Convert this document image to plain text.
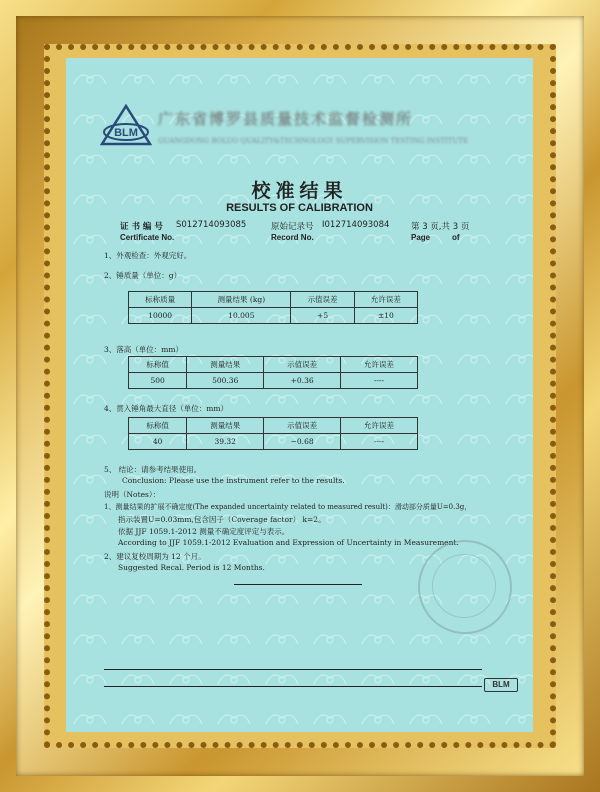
BLM
广东省博罗县质量技术监督检测所
GUANGDONG BOLUO QUALITY&TECHNOLOGY SUPERVISION TESTING INSTITUTE
校准结果
RESULTS OF CALIBRATION
证 书 编 号 S012714093085	原始记录号 I012714093084	第 3 页,共 3 页
Certificate No.	Record No.	Page	of
1、外观检查：外观完好。
2、锤质量（单位：g）
标称质量	测量结果 (kg)	示值误差	允许误差
10000	10.005	+5	±10
3、落高（单位：mm）
标称值	测量结果	示值误差	允许误差
500	500.36	+0.36	----
4、贯入锤角最大直径（单位：mm）
标称值	测量结果	示值误差	允许误差
40	39.32	−0.68	----
5、 结论：请参考结果使用。
Conclusion: Please use the instrument refer to the results.
说明（Notes）：
1、测量结果的扩展不确定度(The expanded uncertainty related to measured result)：滑动部分质量U=0.3g，
指示装置U=0.03mm,包含因子（Coverage factor） k=2。
依据 JJF 1059.1-2012 测量不确定度评定与表示。
According to JJF 1059.1-2012 Evaluation and Expression of Uncertainty in Measurement.
2、建议复校周期为 12 个月。
Suggested Recal. Period is 12 Months.
BLM
